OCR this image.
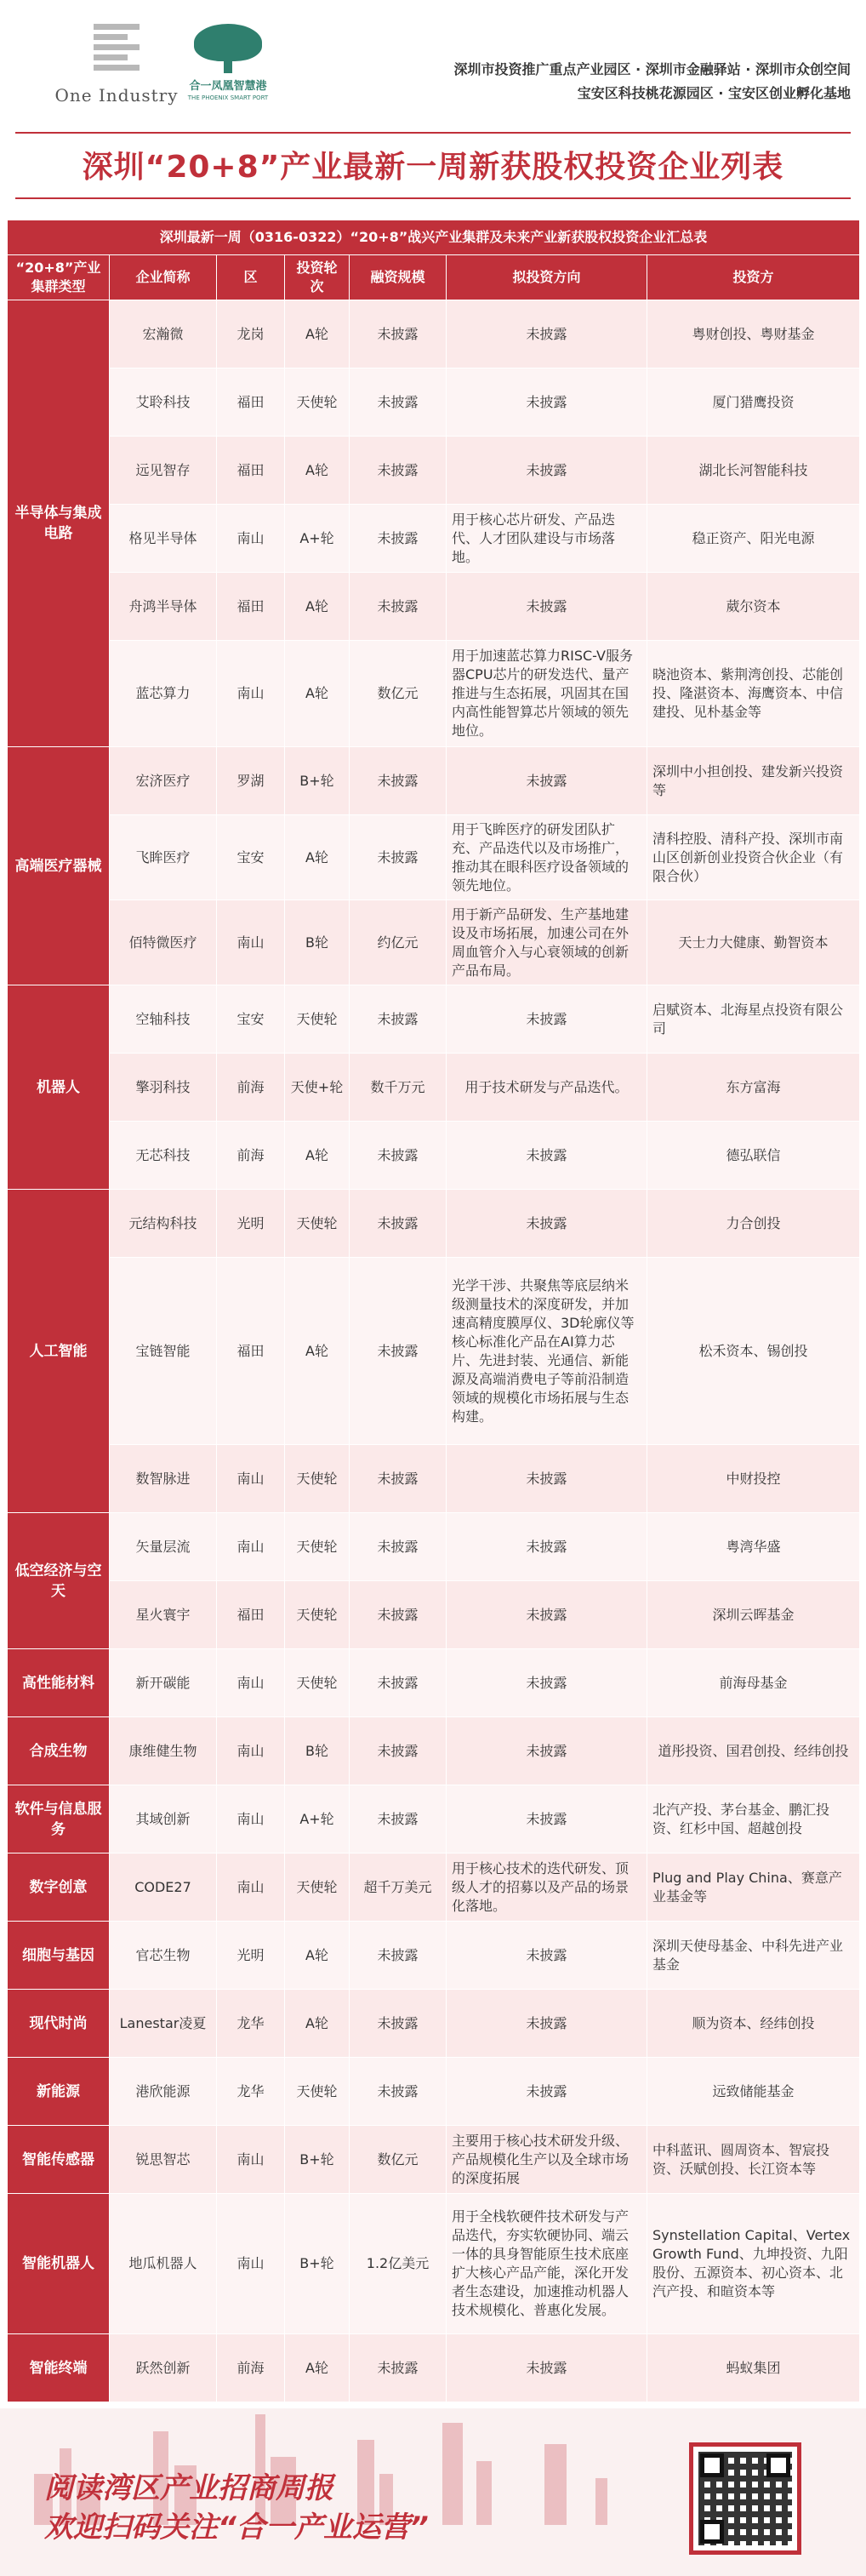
One Industry 合一凤凰智慧港
THE PHOENIX SMART PORT
深圳市投资推广重点产业园区 · 深圳市金融驿站 · 深圳市众创空间
宝安区科技桃花源园区 · 宝安区创业孵化基地
深圳“20+8”产业最新一周新获股权投资企业列表
深圳最新一周（0316-0322）“20+8”战兴产业集群及未来产业新获股权投资企业汇总表						
“20+8”产业集群类型	企业简称	区	投资轮次	融资规模	拟投资方向	投资方
半导体与集成电路	宏瀚微	龙岗	A轮	未披露	未披露	粤财创投、粤财基金
	艾聆科技	福田	天使轮	未披露	未披露	厦门猎鹰投资
	远见智存	福田	A轮	未披露	未披露	湖北长河智能科技
	格见半导体	南山	A+轮	未披露	用于核心芯片研发、产品迭代、人才团队建设与市场落地。	稳正资产、阳光电源
	舟鸿半导体	福田	A轮	未披露	未披露	葳尔资本
	蓝芯算力	南山	A轮	数亿元	用于加速蓝芯算力RISC-V服务器CPU芯片的研发迭代、量产推进与生态拓展，巩固其在国内高性能智算芯片领域的领先地位。	晓池资本、紫荆湾创投、芯能创投、隆湛资本、海鹰资本、中信建投、见朴基金等
高端医疗器械	宏济医疗	罗湖	B+轮	未披露	未披露	深圳中小担创投、建发新兴投资等
	飞眸医疗	宝安	A轮	未披露	用于飞眸医疗的研发团队扩充、产品迭代以及市场推广，推动其在眼科医疗设备领域的领先地位。	清科控股、清科产投、深圳市南山区创新创业投资合伙企业（有限合伙）
	佰特微医疗	南山	B轮	约亿元	用于新产品研发、生产基地建设及市场拓展，加速公司在外周血管介入与心衰领域的创新产品布局。	天士力大健康、勤智资本
机器人	空轴科技	宝安	天使轮	未披露	未披露	启赋资本、北海星点投资有限公司
	擎羽科技	前海	天使+轮	数千万元	用于技术研发与产品迭代。	东方富海
	无芯科技	前海	A轮	未披露	未披露	德弘联信
人工智能	元结构科技	光明	天使轮	未披露	未披露	力合创投
	宝链智能	福田	A轮	未披露	光学干涉、共聚焦等底层纳米级测量技术的深度研发，并加速高精度膜厚仪、3D轮廓仪等核心标准化产品在AI算力芯片、先进封装、光通信、新能源及高端消费电子等前沿制造领域的规模化市场拓展与生态构建。	松禾资本、锡创投
	数智脉进	南山	天使轮	未披露	未披露	中财投控
低空经济与空天	矢量层流	南山	天使轮	未披露	未披露	粤湾华盛
	星火寰宇	福田	天使轮	未披露	未披露	深圳云晖基金
高性能材料	新开碳能	南山	天使轮	未披露	未披露	前海母基金
合成生物	康维健生物	南山	B轮	未披露	未披露	道彤投资、国君创投、经纬创投
软件与信息服务	其域创新	南山	A+轮	未披露	未披露	北汽产投、茅台基金、鹏汇投资、红杉中国、超越创投
数字创意	CODE27	南山	天使轮	超千万美元	用于核心技术的迭代研发、顶级人才的招募以及产品的场景化落地。	Plug and Play China、赛意产业基金等
细胞与基因	官芯生物	光明	A轮	未披露	未披露	深圳天使母基金、中科先进产业基金
现代时尚	Lanestar凌夏	龙华	A轮	未披露	未披露	顺为资本、经纬创投
新能源	港欣能源	龙华	天使轮	未披露	未披露	远致储能基金
智能传感器	锐思智芯	南山	B+轮	数亿元	主要用于核心技术研发升级、产品规模化生产以及全球市场的深度拓展	中科蓝讯、圆周资本、智宸投资、沃赋创投、长江资本等
智能机器人	地瓜机器人	南山	B+轮	1.2亿美元	用于全栈软硬件技术研发与产品迭代，夯实软硬协同、端云一体的具身智能原生技术底座扩大核心产品产能，深化开发者生态建设，加速推动机器人技术规模化、普惠化发展。	Synstellation Capital、Vertex Growth Fund、九坤投资、九阳股份、五源资本、初心资本、北汽产投、和暄资本等
智能终端	跃然创新	前海	A轮	未披露	未披露	蚂蚁集团
阅读湾区产业招商周报
欢迎扫码关注“合一产业运营”
